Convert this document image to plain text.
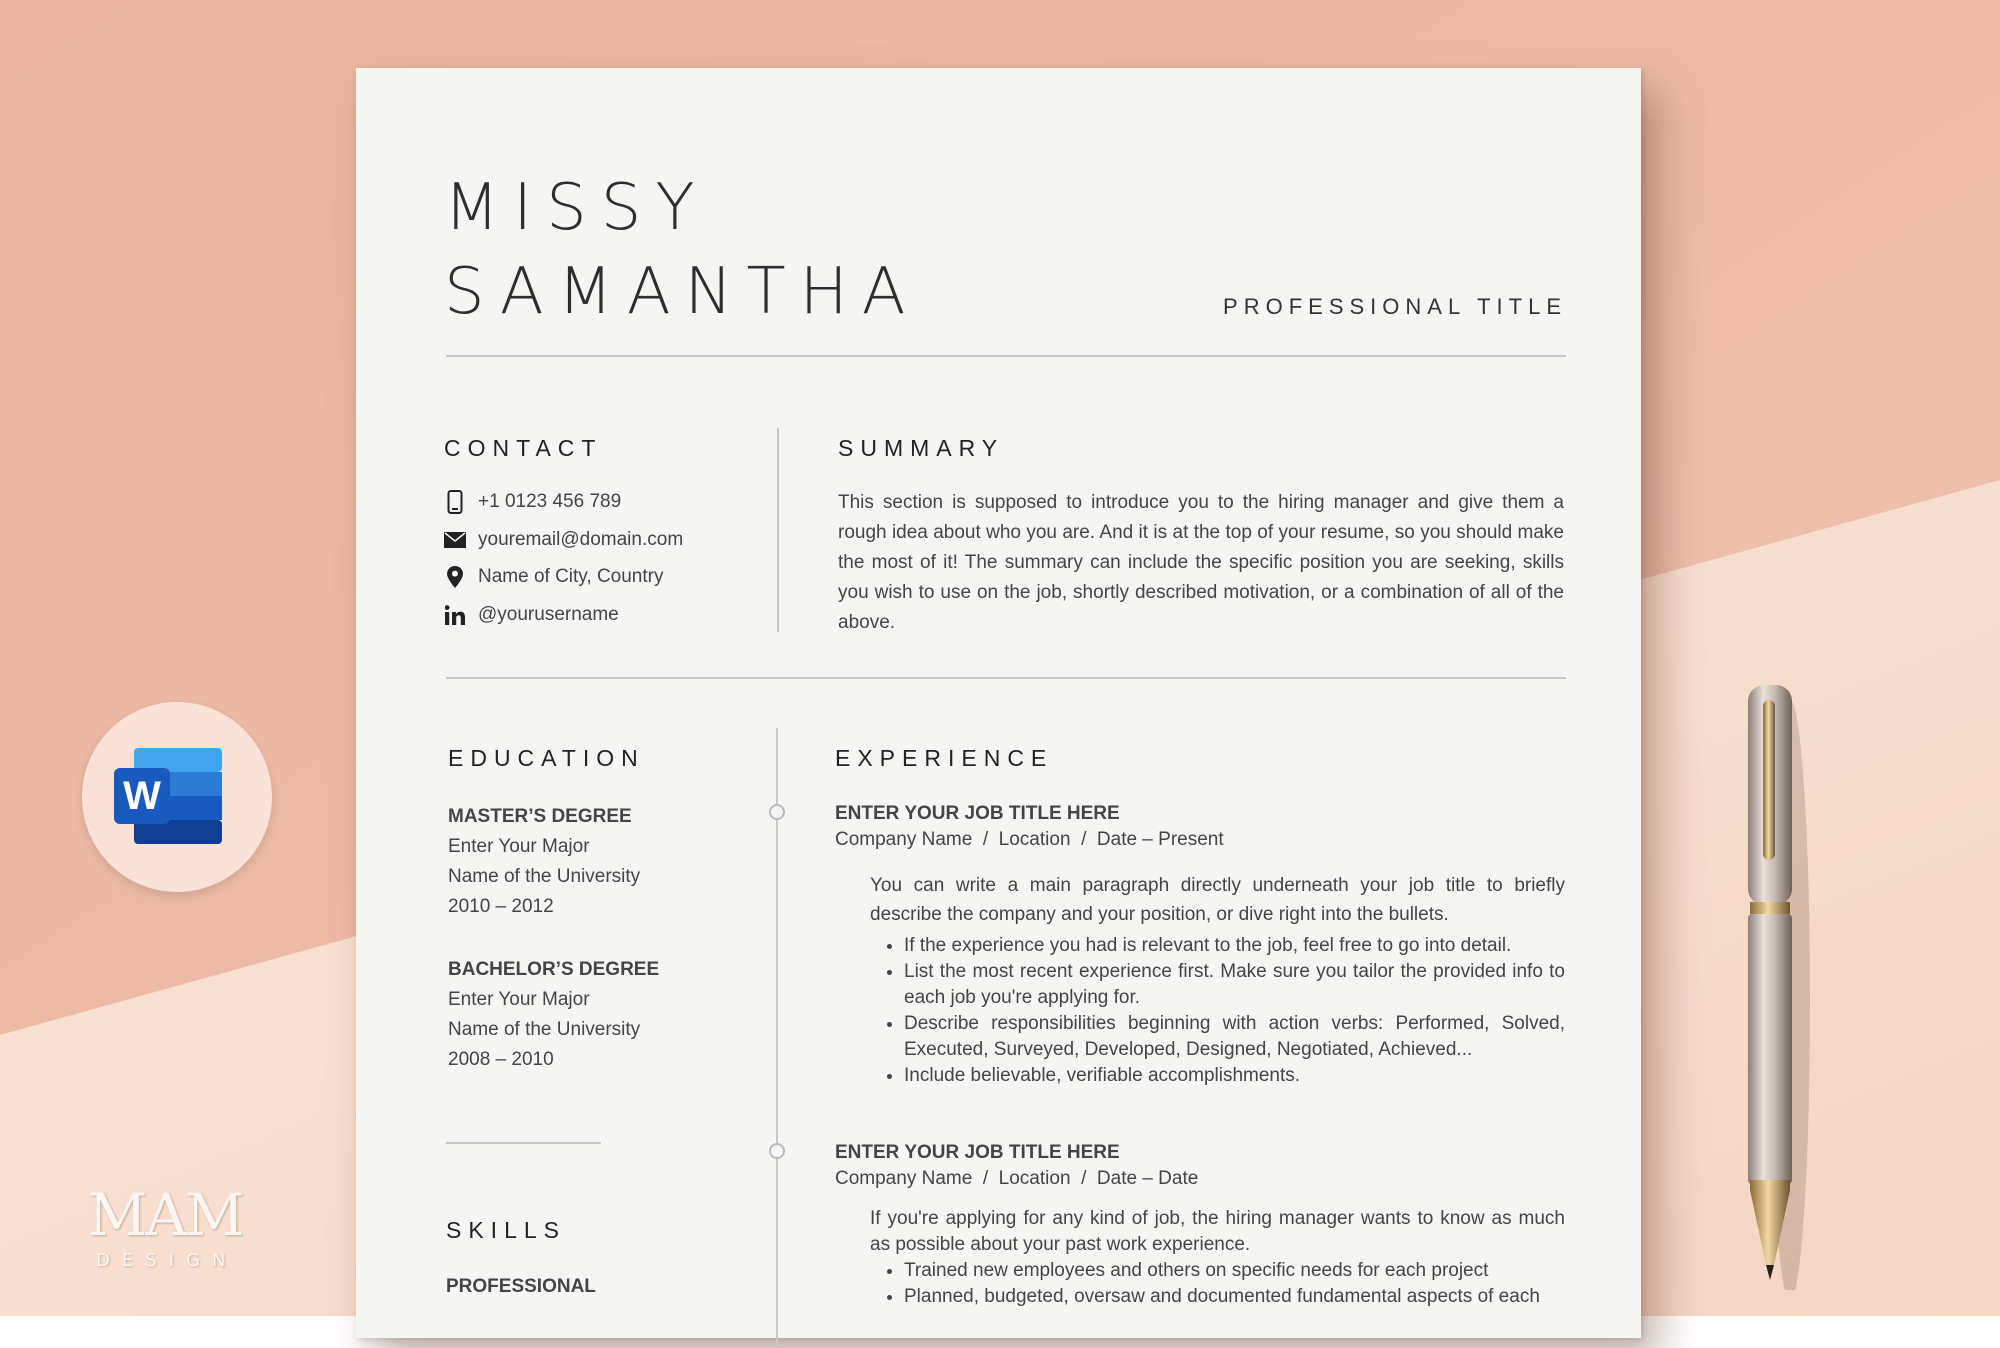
W
MAM
DESIGN
MISSY
SAMANTHA	PROFESSIONAL TITLE
CONTACT
+1 0123 456 789
youremail@domain.com
Name of City, Country
@yourusername
SUMMARY

This section is supposed to introduce you to the hiring manager and give them a rough idea about who you are. And it is at the top of your resume, so you should make the most of it! The summary can include the specific position you are seeking, skills you wish to use on the job, shortly described motivation, or a combination of all of the above.

EDUCATION
MASTER’S DEGREE
Enter Your Major
Name of the University
2010 – 2012
BACHELOR’S DEGREE
Enter Your Major
Name of the University
2008 – 2010
SKILLS
PROFESSIONAL
EXPERIENCE
ENTER YOUR JOB TITLE HERE
Company Name  /  Location  /  Date – Present

You can write a main paragraph directly underneath your job title to briefly describe the company and your position, or dive right into the bullets.

• If the experience you had is relevant to the job, feel free to go into detail.
• List the most recent experience first. Make sure you tailor the provided info to each job you're applying for.
• Describe responsibilities beginning with action verbs: Performed, Solved, Executed, Surveyed, Developed, Designed, Negotiated, Achieved...
• Include believable, verifiable accomplishments.
ENTER YOUR JOB TITLE HERE
Company Name  /  Location  /  Date – Date

If you're applying for any kind of job, the hiring manager wants to know as much as possible about your past work experience.

• Trained new employees and others on specific needs for each project
• Planned, budgeted, oversaw and documented fundamental aspects of each
